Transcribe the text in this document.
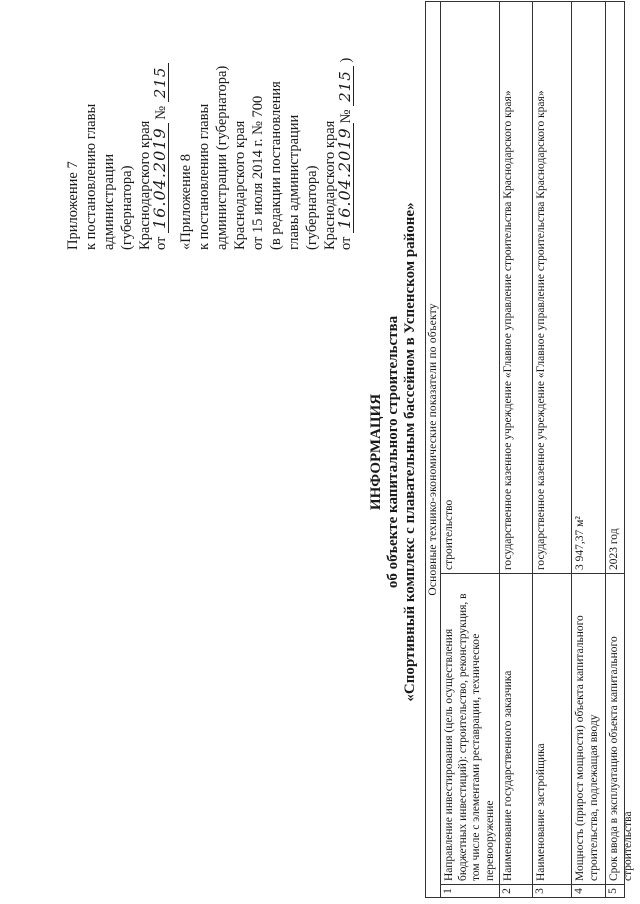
Приложение 7 к постановлению главы администрации (губернатора) Краснодарского края от 16.04.2019 № 215
«Приложение 8 к постановлению главы администрации (губернатора) Краснодарского края от 15 июля 2014 г. № 700 (в редакции постановления главы администрации (губернатора) Краснодарского края от 16.04.2019№ 215 )
ИНФОРМАЦИЯ об объекте капитального строительства «Спортивный комплекс с плавательным бассейном в Успенском районе» Основные технико-экономические показатели по объекту
1
Направление инвестирования (цель осуществления бюджетных инвестиций): строительство, реконструкция, в том числе с элементами реставрации, техническое перевооружение
строительство
2
Наименование государственного заказчика
государственное казенное учреждение «Главное управление строительства Краснодарского края»
3
Наименование застройщика
государственное казенное учреждение «Главное управление строительства Краснодарского края»
4
Мощность (прирост мощности) объекта капитального строительства, подлежащая вводу
3 947,37 м²
5
Срок ввода в эксплуатацию объекта капитального строительства
2023 год
